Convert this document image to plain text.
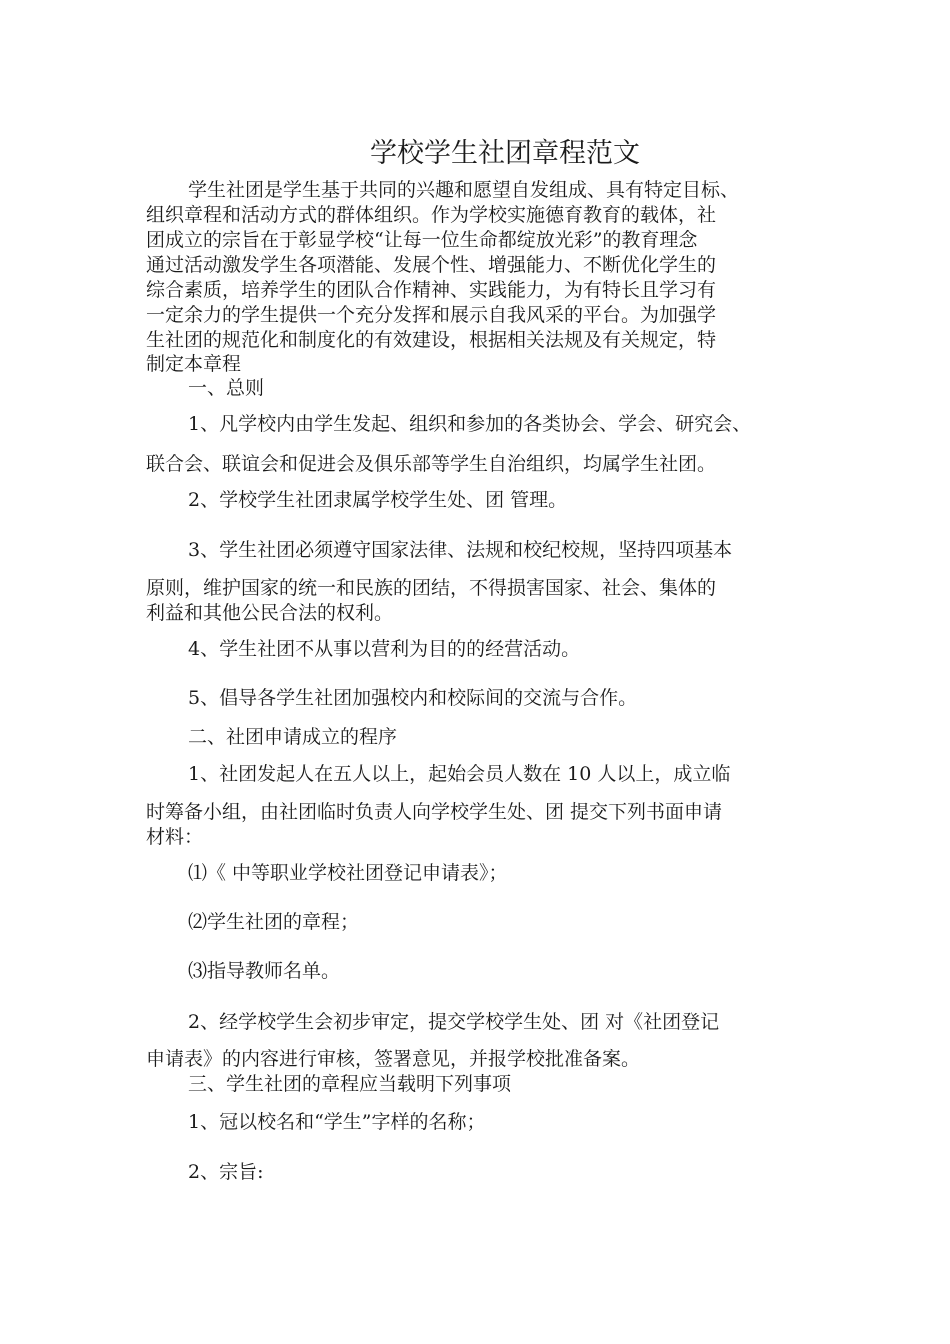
学校学生社团章程范文
学生社团是学生基于共同的兴趣和愿望自发组成、具有特定目标、
组织章程和活动方式的群体组织。作为学校实施德育教育的载体，社
团成立的宗旨在于彰显学校“让每一位生命都绽放光彩”的教育理念
通过活动激发学生各项潜能、发展个性、增强能力、不断优化学生的
综合素质，培养学生的团队合作精神、实践能力，为有特长且学习有
一定余力的学生提供一个充分发挥和展示自我风采的平台。为加强学
生社团的规范化和制度化的有效建设，根据相关法规及有关规定，特
制定本章程
一、总则
1、凡学校内由学生发起、组织和参加的各类协会、学会、研究会、
联合会、联谊会和促进会及俱乐部等学生自治组织，均属学生社团。
2、学校学生社团隶属学校学生处、团 管理。
3、学生社团必须遵守国家法律、法规和校纪校规，坚持四项基本
原则，维护国家的统一和民族的团结，不得损害国家、社会、集体的
利益和其他公民合法的权利。
4、学生社团不从事以营利为目的的经营活动。
5、倡导各学生社团加强校内和校际间的交流与合作。
二、社团申请成立的程序
1、社团发起人在五人以上，起始会员人数在 10 人以上，成立临
时筹备小组，由社团临时负责人向学校学生处、团 提交下列书面申请
材料：
⑴《 中等职业学校社团登记申请表》；
⑵学生社团的章程；
⑶指导教师名单。
2、经学校学生会初步审定，提交学校学生处、团 对《社团登记
申请表》的内容进行审核，签署意见，并报学校批准备案。
三、学生社团的章程应当载明下列事项
1、冠以校名和“学生”字样的名称；
2、宗旨:
